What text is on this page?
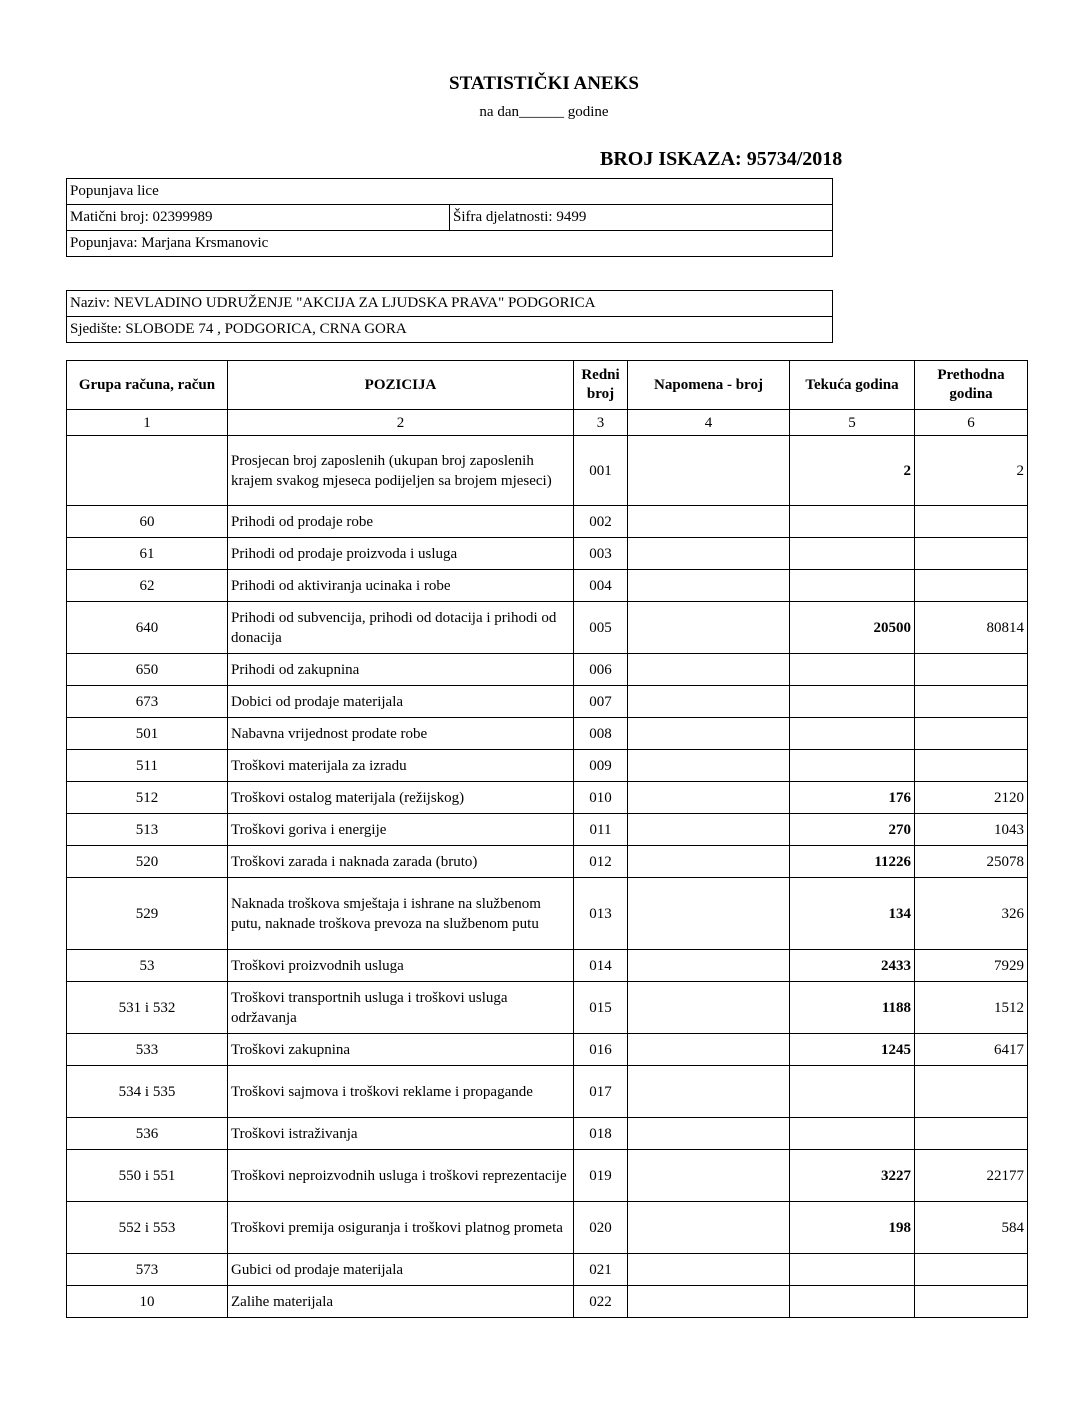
STATISTIČKI ANEKS
na dan______ godine
BROJ ISKAZA: 95734/2018
Popunjava lice
Matični broj: 02399989	Šifra djelatnosti: 9499
Popunjava: Marjana Krsmanovic
Naziv: NEVLADINO UDRUŽENJE "AKCIJA ZA LJUDSKA PRAVA" PODGORICA
Sjedište: SLOBODE 74 , PODGORICA, CRNA GORA
Grupa računa, račun	POZICIJA	Redni broj	Napomena - broj	Tekuća godina	Prethodna godina
1	2	3	4	5	6
	Prosjecan broj zaposlenih (ukupan broj zaposlenih krajem svakog mjeseca podijeljen sa brojem mjeseci)	001		2	2
60	Prihodi od prodaje robe	002			
61	Prihodi od prodaje proizvoda i usluga	003			
62	Prihodi od aktiviranja ucinaka i robe	004			
640	Prihodi od subvencija, prihodi od dotacija i prihodi od donacija	005		20500	80814
650	Prihodi od zakupnina	006			
673	Dobici od prodaje materijala	007			
501	Nabavna vrijednost prodate robe	008			
511	Troškovi materijala za izradu	009			
512	Troškovi ostalog materijala (režijskog)	010		176	2120
513	Troškovi goriva i energije	011		270	1043
520	Troškovi zarada i naknada zarada (bruto)	012		11226	25078
529	Naknada troškova smještaja i ishrane na službenom putu, naknade troškova prevoza na službenom putu	013		134	326
53	Troškovi proizvodnih usluga	014		2433	7929
531 i 532	Troškovi transportnih usluga i troškovi usluga održavanja	015		1188	1512
533	Troškovi zakupnina	016		1245	6417
534 i 535	Troškovi sajmova i troškovi reklame i propagande	017			
536	Troškovi istraživanja	018			
550 i 551	Troškovi neproizvodnih usluga i troškovi reprezentacije	019		3227	22177
552 i 553	Troškovi premija osiguranja i troškovi platnog prometa	020		198	584
573	Gubici od prodaje materijala	021			
10	Zalihe materijala	022			
